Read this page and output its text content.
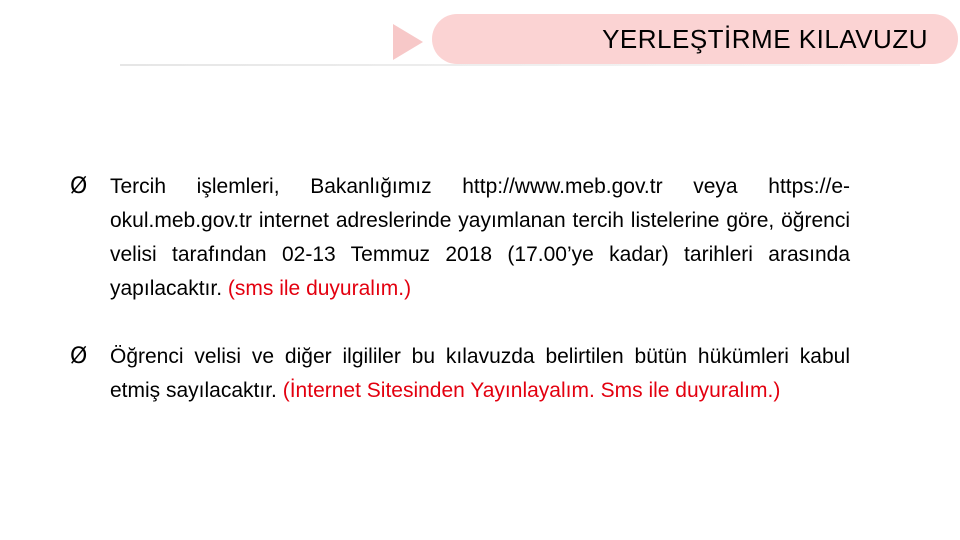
YERLEŞTİRME KILAVUZU
Ø Tercih işlemleri, Bakanlığımız http://www.meb.gov.tr veya https://e-okul.meb.gov.tr internet adreslerinde yayımlanan tercih listelerine göre, öğrenci velisi tarafından 02-13 Temmuz 2018 (17.00’ye kadar) tarihleri arasında yapılacaktır. (sms ile duyuralım.)
Ø Öğrenci velisi ve diğer ilgililer bu kılavuzda belirtilen bütün hükümleri kabul etmiş sayılacaktır. (İnternet Sitesinden Yayınlayalım. Sms ile duyuralım.)
